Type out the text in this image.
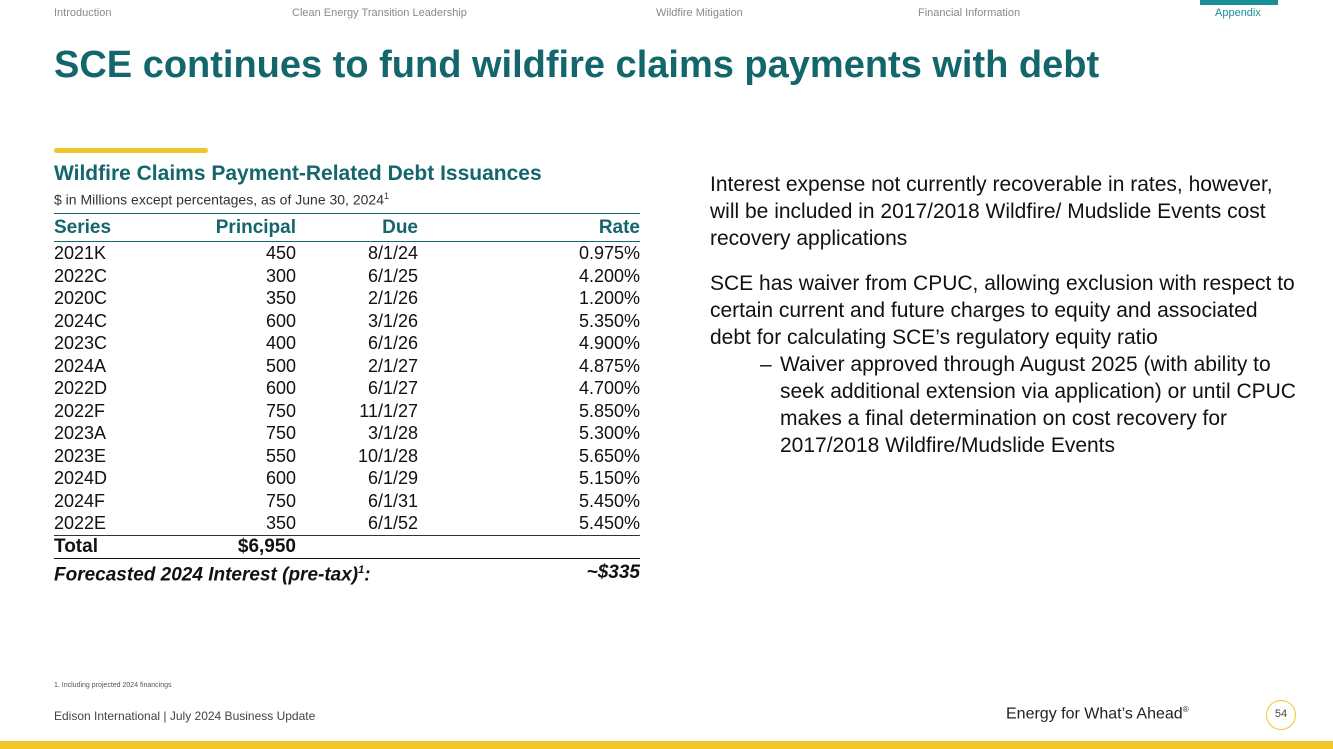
Introduction	Clean Energy Transition Leadership	Wildfire Mitigation	Financial Information	Appendix
SCE continues to fund wildfire claims payments with debt
Wildfire Claims Payment-Related Debt Issuances
$ in Millions except percentages, as of June 30, 2024$^1$
Series	Principal	Due	Rate
2021K	450	8/1/24	0.975%
2022C	300	6/1/25	4.200%
2020C	350	2/1/26	1.200%
2024C	600	3/1/26	5.350%
2023C	400	6/1/26	4.900%
2024A	500	2/1/27	4.875%
2022D	600	6/1/27	4.700%
2022F	750	11/1/27	5.850%
2023A	750	3/1/28	5.300%
2023E	550	10/1/28	5.650%
2024D	600	6/1/29	5.150%
2024F	750	6/1/31	5.450%
2022E	350	6/1/52	5.450%
Total	$6,950		
Forecasted 2024 Interest $(pre-tax)^1$:			~$335
1. Including projected 2024 financings

Interest expense not currently recoverable in rates, however, will be included in 2017/2018 Wildfire/ Mudslide Events cost recovery applications

SCE has waiver from CPUC, allowing exclusion with respect to certain current and future charges to equity and associated debt for calculating SCE’s regulatory equity ratio

– Waiver approved through August 2025 (with ability to seek additional extension via application) or until CPUC makes a final determination on cost recovery for 2017/2018 Wildfire/Mudslide Events
Edison International | July 2024 Business Update	Energy for What’s Ahead®	54
